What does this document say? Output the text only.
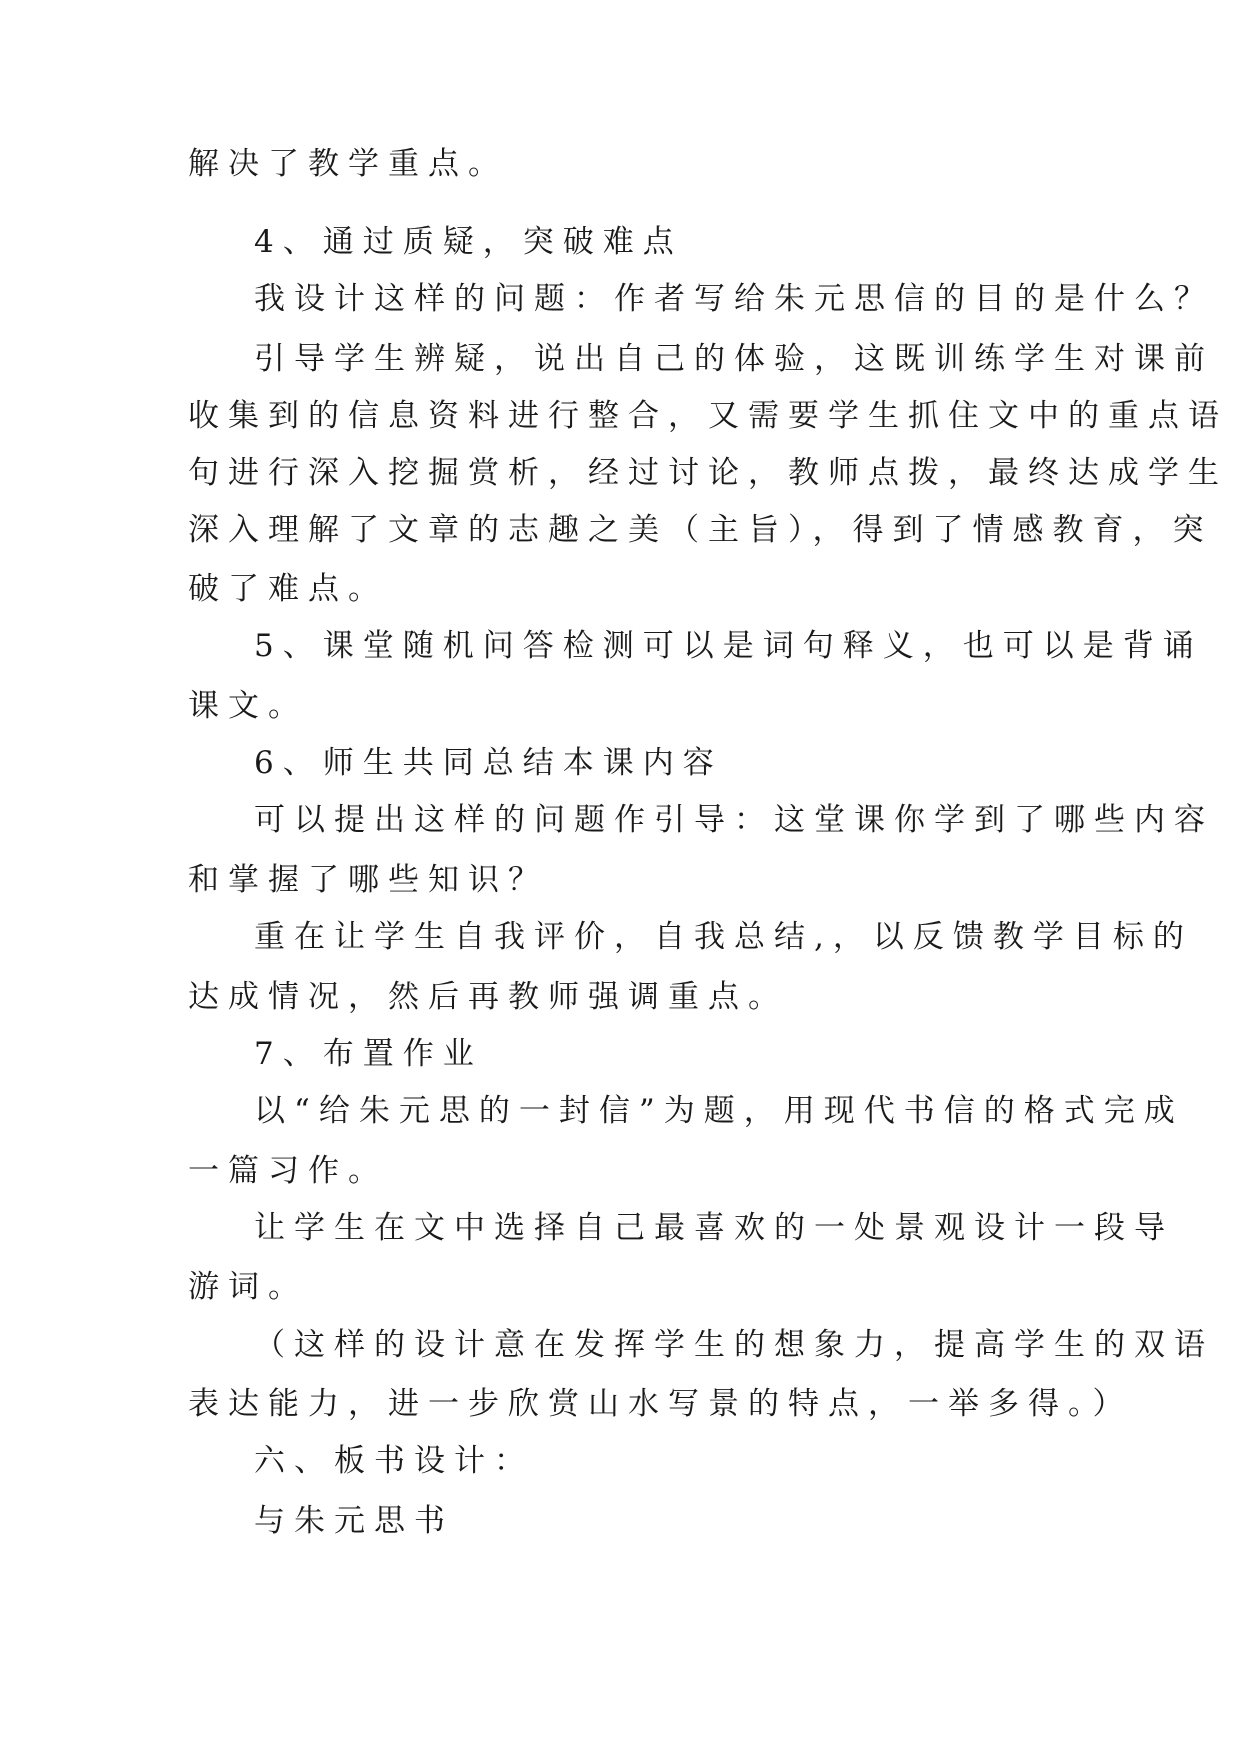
解决了教学重点。
4、通过质疑，突破难点
我设计这样的问题：作者写给朱元思信的目的是什么？
引导学生辨疑，说出自己的体验，这既训练学生对课前
收集到的信息资料进行整合，又需要学生抓住文中的重点语
句进行深入挖掘赏析，经过讨论，教师点拨，最终达成学生
深入理解了文章的志趣之美（主旨），得到了情感教育，突
破了难点。
5、课堂随机问答检测可以是词句释义，也可以是背诵
课文。
6、师生共同总结本课内容
可以提出这样的问题作引导：这堂课你学到了哪些内容
和掌握了哪些知识？
重在让学生自我评价，自我总结,，以反馈教学目标的
达成情况，然后再教师强调重点。
7、布置作业
以“给朱元思的一封信”为题，用现代书信的格式完成
一篇习作。
让学生在文中选择自己最喜欢的一处景观设计一段导
游词。
（这样的设计意在发挥学生的想象力，提高学生的双语
表达能力，进一步欣赏山水写景的特点，一举多得。）
六、板书设计：
与朱元思书
